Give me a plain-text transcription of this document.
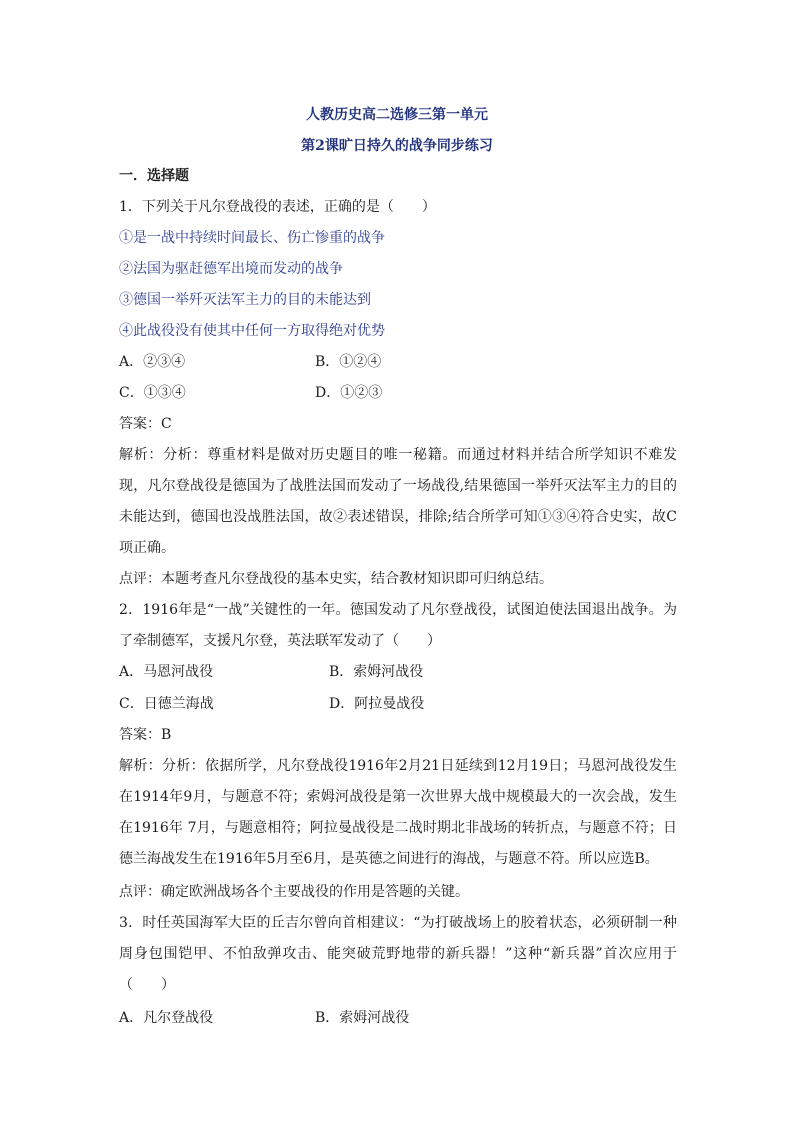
人教历史高二选修三第一单元
第2课旷日持久的战争同步练习
一．选择题
1．下列关于凡尔登战役的表述，正确的是（　　）
①是一战中持续时间最长、伤亡惨重的战争
②法国为驱赶德军出境而发动的战争
③德国一举歼灭法军主力的目的未能达到
④此战役没有使其中任何一方取得绝对优势
A．②③④	B．①②④
C．①③④	D．①②③
答案：C
解析：分析：尊重材料是做对历史题目的唯一秘籍。而通过材料并结合所学知识不难发现，凡尔登战役是德国为了战胜法国而发动了一场战役,结果德国一举歼灭法军主力的目的未能达到，德国也没战胜法国，故②表述错误，排除;结合所学可知①③④符合史实，故C项正确。
点评：本题考查凡尔登战役的基本史实，结合教材知识即可归纳总结。
2．1916年是“一战”关键性的一年。德国发动了凡尔登战役，试图迫使法国退出战争。为了牵制德军，支援凡尔登，英法联军发动了（　　）
A．马恩河战役	B．索姆河战役
C．日德兰海战	D．阿拉曼战役
答案：B
解析：分析：依据所学，凡尔登战役1916年2月21日延续到12月19日；马恩河战役发生在1914年9月，与题意不符；索姆河战役是第一次世界大战中规模最大的一次会战，发生在1916年 7月，与题意相符；阿拉曼战役是二战时期北非战场的转折点，与题意不符；日德兰海战发生在1916年5月至6月，是英德之间进行的海战，与题意不符。所以应选B。
点评：确定欧洲战场各个主要战役的作用是答题的关键。
3．时任英国海军大臣的丘吉尔曾向首相建议：“为打破战场上的胶着状态，必须研制一种周身包围铠甲、不怕敌弹攻击、能突破荒野地带的新兵器！”这种“新兵器”首次应用于（　　）
A．凡尔登战役	B．索姆河战役
